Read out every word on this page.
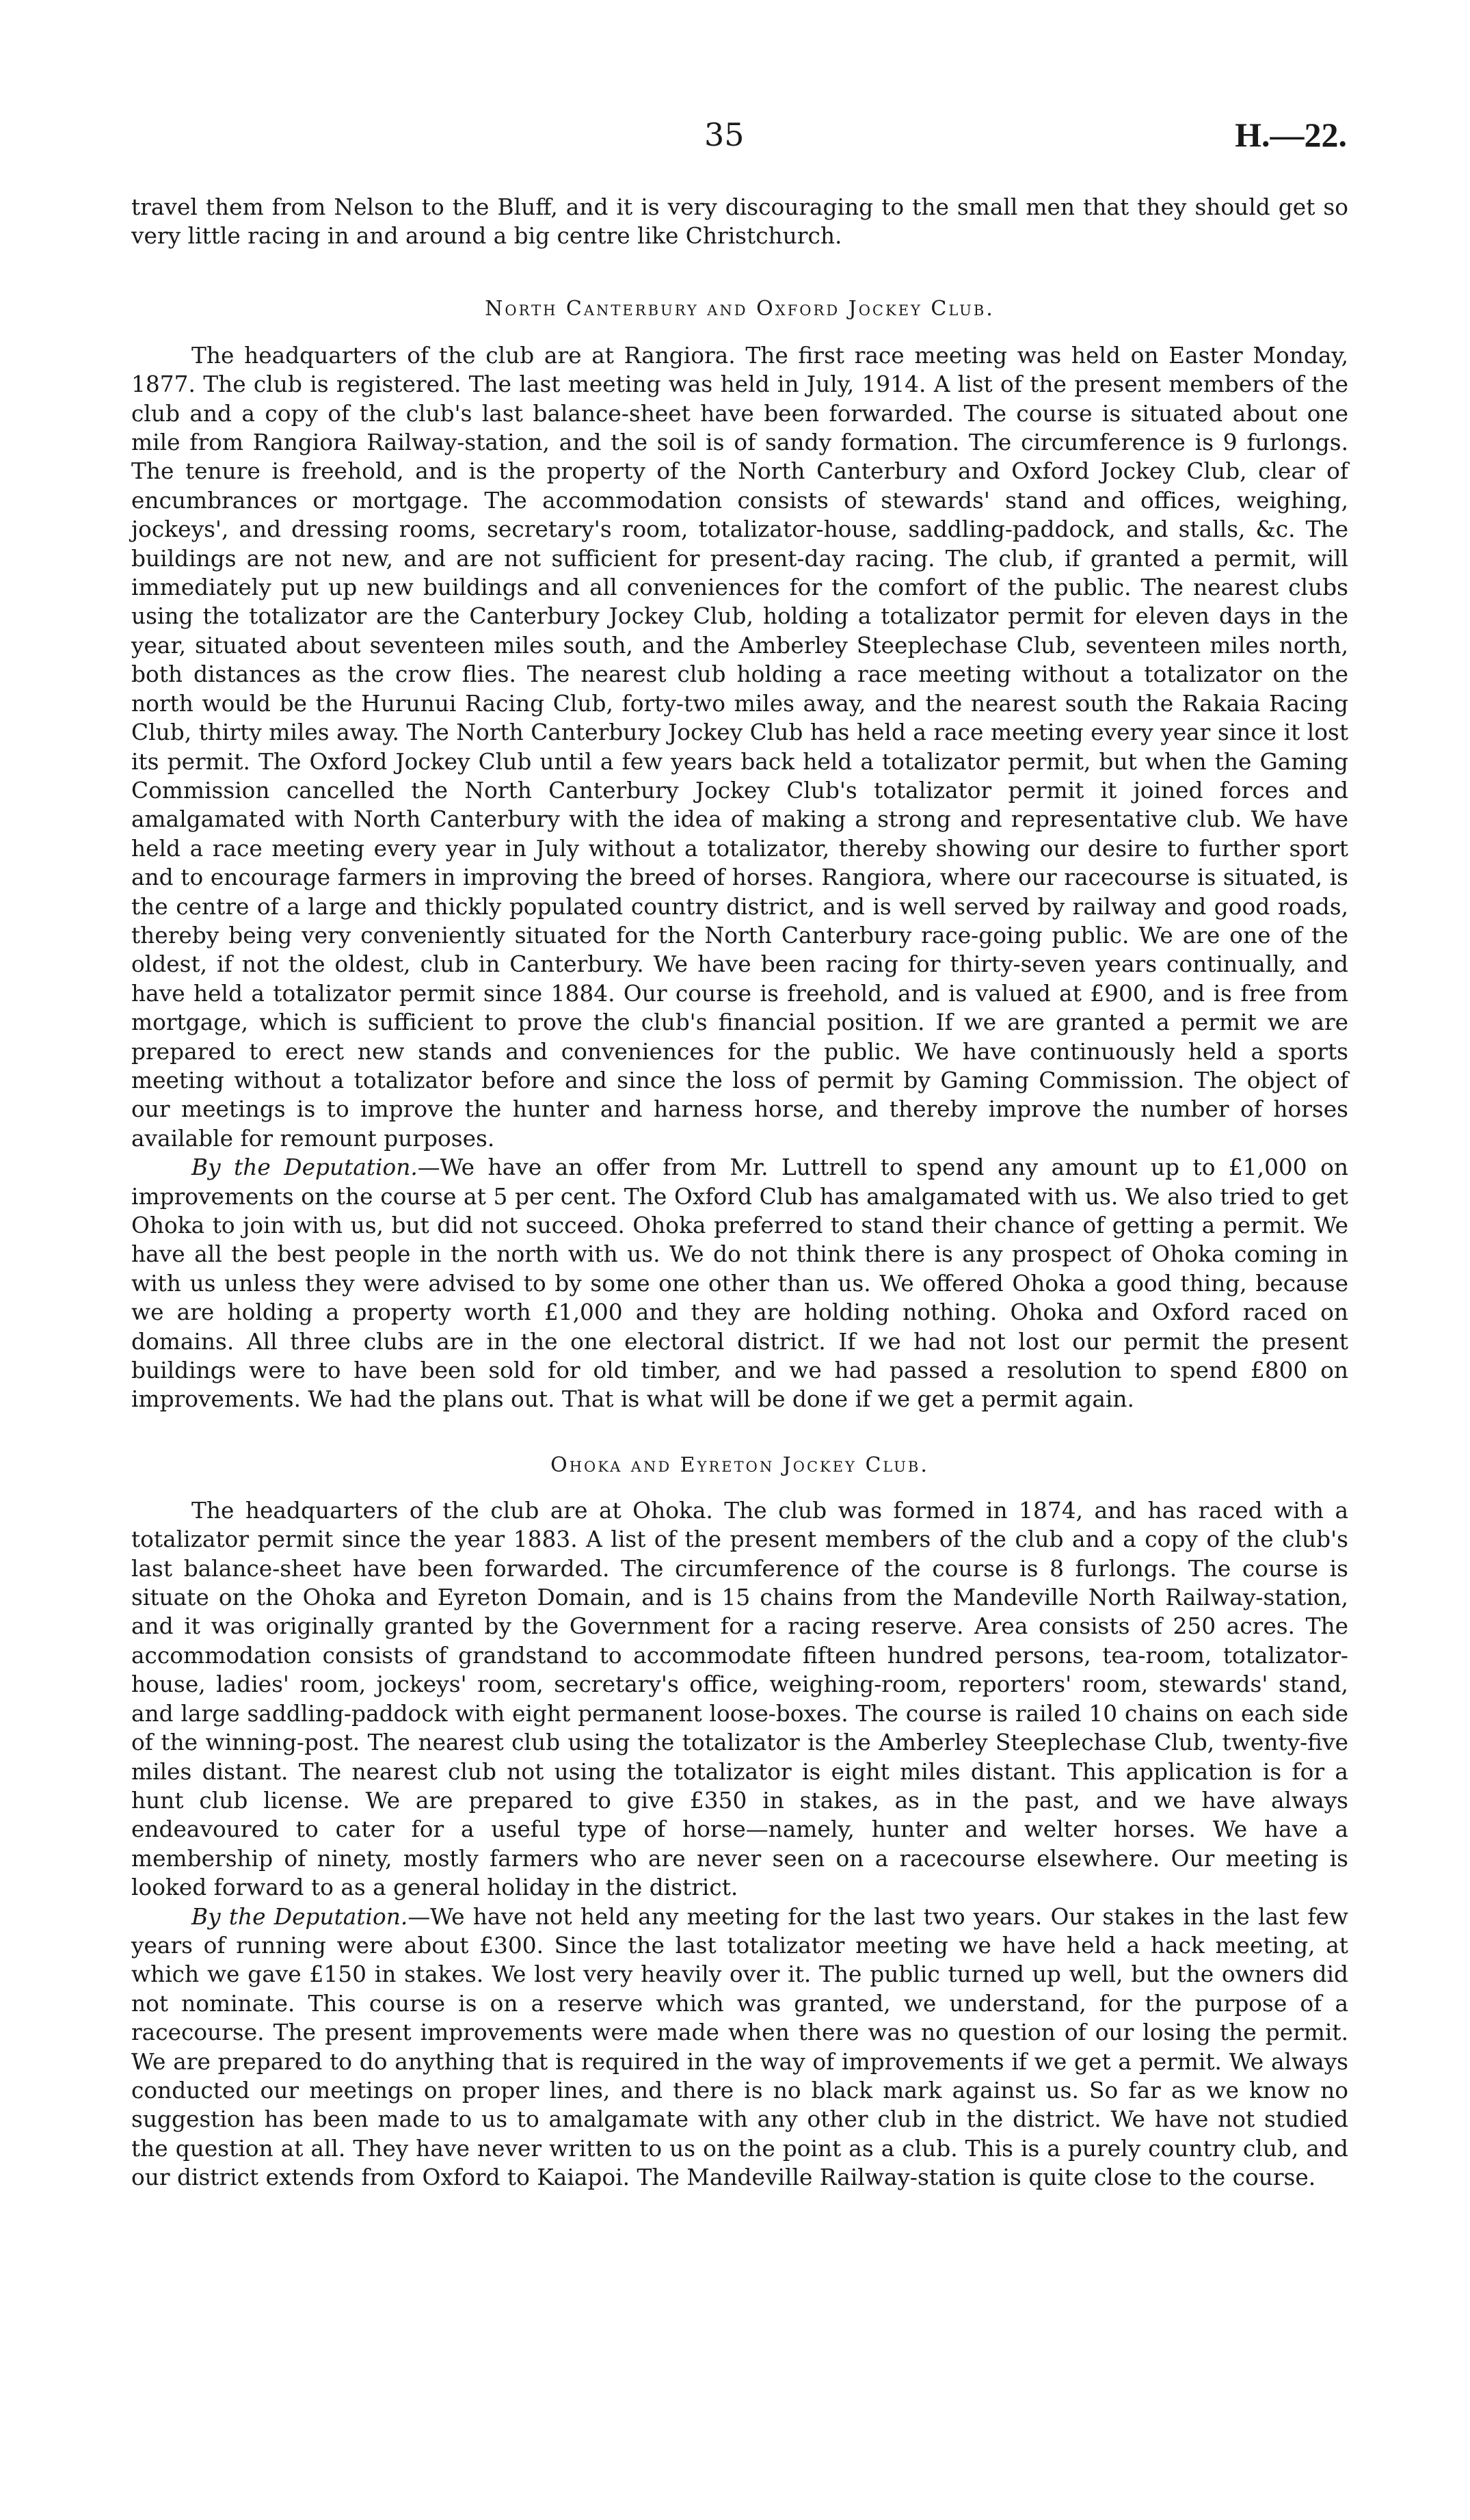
35	H.—22.

travel them from Nelson to the Bluff, and it is very discouraging to the small men that they should get so very little racing in and around a big centre like Christchurch.

North Canterbury and Oxford Jockey Club.

The headquarters of the club are at Rangiora. The first race meeting was held on Easter Monday, 1877. The club is registered. The last meeting was held in July, 1914. A list of the present members of the club and a copy of the club's last balance-sheet have been forwarded. The course is situated about one mile from Rangiora Railway-station, and the soil is of sandy formation. The circumference is 9 furlongs. The tenure is freehold, and is the property of the North Canterbury and Oxford Jockey Club, clear of encumbrances or mortgage. The accommodation consists of stewards' stand and offices, weighing, jockeys', and dressing rooms, secretary's room, totalizator-house, saddling-paddock, and stalls, &c. The buildings are not new, and are not sufficient for present-day racing. The club, if granted a permit, will immediately put up new buildings and all conveniences for the comfort of the public. The nearest clubs using the totalizator are the Canterbury Jockey Club, holding a totalizator permit for eleven days in the year, situated about seventeen miles south, and the Amberley Steeplechase Club, seventeen miles north, both distances as the crow flies. The nearest club holding a race meeting without a totalizator on the north would be the Hurunui Racing Club, forty-two miles away, and the nearest south the Rakaia Racing Club, thirty miles away. The North Canterbury Jockey Club has held a race meeting every year since it lost its permit. The Oxford Jockey Club until a few years back held a totalizator permit, but when the Gaming Commission cancelled the North Canterbury Jockey Club's totalizator permit it joined forces and amalgamated with North Canterbury with the idea of making a strong and representative club. We have held a race meeting every year in July without a totalizator, thereby showing our desire to further sport and to encourage farmers in improving the breed of horses. Rangiora, where our racecourse is situated, is the centre of a large and thickly populated country district, and is well served by railway and good roads, thereby being very conveniently situated for the North Canterbury race-going public. We are one of the oldest, if not the oldest, club in Canterbury. We have been racing for thirty-seven years continually, and have held a totalizator permit since 1884. Our course is freehold, and is valued at £900, and is free from mortgage, which is sufficient to prove the club's financial position. If we are granted a permit we are prepared to erect new stands and conveniences for the public. We have continuously held a sports meeting without a totalizator before and since the loss of permit by Gaming Commission. The object of our meetings is to improve the hunter and harness horse, and thereby improve the number of horses available for remount purposes.

By the Deputation.—We have an offer from Mr. Luttrell to spend any amount up to £1,000 on improvements on the course at 5 per cent. The Oxford Club has amalgamated with us. We also tried to get Ohoka to join with us, but did not succeed. Ohoka preferred to stand their chance of getting a permit. We have all the best people in the north with us. We do not think there is any prospect of Ohoka coming in with us unless they were advised to by some one other than us. We offered Ohoka a good thing, because we are holding a property worth £1,000 and they are holding nothing. Ohoka and Oxford raced on domains. All three clubs are in the one electoral district. If we had not lost our permit the present buildings were to have been sold for old timber, and we had passed a resolution to spend £800 on improvements. We had the plans out. That is what will be done if we get a permit again.

Ohoka and Eyreton Jockey Club.

The headquarters of the club are at Ohoka. The club was formed in 1874, and has raced with a totalizator permit since the year 1883. A list of the present members of the club and a copy of the club's last balance-sheet have been forwarded. The circumference of the course is 8 furlongs. The course is situate on the Ohoka and Eyreton Domain, and is 15 chains from the Mandeville North Railway-station, and it was originally granted by the Government for a racing reserve. Area consists of 250 acres. The accommodation consists of grandstand to accommodate fifteen hundred persons, tea-room, totalizator-house, ladies' room, jockeys' room, secretary's office, weighing-room, reporters' room, stewards' stand, and large saddling-paddock with eight permanent loose-boxes. The course is railed 10 chains on each side of the winning-post. The nearest club using the totalizator is the Amberley Steeplechase Club, twenty-five miles distant. The nearest club not using the totalizator is eight miles distant. This application is for a hunt club license. We are prepared to give £350 in stakes, as in the past, and we have always endeavoured to cater for a useful type of horse—namely, hunter and welter horses. We have a membership of ninety, mostly farmers who are never seen on a racecourse elsewhere. Our meeting is looked forward to as a general holiday in the district.

By the Deputation.—We have not held any meeting for the last two years. Our stakes in the last few years of running were about £300. Since the last totalizator meeting we have held a hack meeting, at which we gave £150 in stakes. We lost very heavily over it. The public turned up well, but the owners did not nominate. This course is on a reserve which was granted, we understand, for the purpose of a racecourse. The present improvements were made when there was no question of our losing the permit. We are prepared to do anything that is required in the way of improvements if we get a permit. We always conducted our meetings on proper lines, and there is no black mark against us. So far as we know no suggestion has been made to us to amalgamate with any other club in the district. We have not studied the question at all. They have never written to us on the point as a club. This is a purely country club, and our district extends from Oxford to Kaiapoi. The Mandeville Railway-station is quite close to the course.
